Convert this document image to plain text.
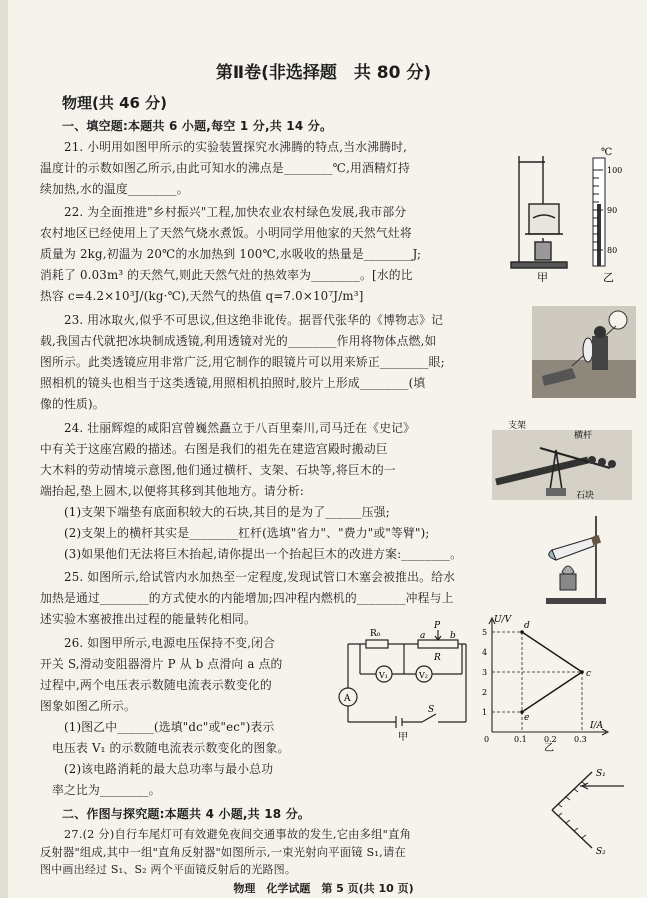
第Ⅱ卷(非选择题　共 80 分)
物理(共 46 分)
一、填空题:本题共 6 小题,每空 1 分,共 14 分。
21. 小明用如图甲所示的实验装置探究水沸腾的特点,当水沸腾时,
温度计的示数如图乙所示,由此可知水的沸点是________℃,用酒精灯持
续加热,水的温度________。
22. 为全面推进"乡村振兴"工程,加快农业农村绿色发展,我市部分
农村地区已经使用上了天然气烧水煮饭。小明同学用他家的天然气灶将
质量为 2kg,初温为 20℃的水加热到 100℃,水吸收的热量是________J;
消耗了 0.03m³ 的天然气,则此天然气灶的热效率为________。[水的比
热容 c=4.2×10³J/(kg·℃),天然气的热值 q=7.0×10⁷J/m³]
23. 用冰取火,似乎不可思议,但这绝非讹传。据晋代张华的《博物志》记
载,我国古代就把冰块制成透镜,利用透镜对光的________作用将物体点燃,如
图所示。此类透镜应用非常广泛,用它制作的眼镜片可以用来矫正________眼;
照相机的镜头也相当于这类透镜,用照相机拍照时,胶片上形成________(填
像的性质)。
24. 壮丽辉煌的咸阳宫曾巍然矗立于八百里秦川,司马迁在《史记》
中有关于这座宫殿的描述。右图是我们的祖先在建造宫殿时搬动巨
大木料的劳动情境示意图,他们通过横杆、支架、石块等,将巨木的一
端抬起,垫上圆木,以便将其移到其他地方。请分析:
(1)支架下端垫有底面积较大的石块,其目的是为了______压强;
(2)支架上的横杆其实是________杠杆(选填"省力"、"费力"或"等臂");
(3)如果他们无法将巨木抬起,请你提出一个抬起巨木的改进方案:________。
25. 如图所示,给试管内水加热至一定程度,发现试管口木塞会被推出。给水
加热是通过________的方式使水的内能增加;四冲程内燃机的________冲程与上
述实验木塞被推出过程的能量转化相同。
26. 如图甲所示,电源电压保持不变,闭合
开关 S,滑动变阻器滑片 P 从 b 点滑向 a 点的
过程中,两个电压表示数随电流表示数变化的
图象如图乙所示。
(1)图乙中______(选填"dc"或"ec")表示
电压表 V₁ 的示数随电流表示数变化的图象。
(2)该电路消耗的最大总功率与最小总功
率之比为________。
二、作图与探究题:本题共 4 小题,共 18 分。
27.(2 分)自行车尾灯可有效避免夜间交通事故的发生,它由多组"直角
反射器"组成,其中一组"直角反射器"如图所示,一束光射向平面镜 S₁,请在
物理　化学试题　第 5 页(共 10 页)
图中画出经过 S₁、S₂ 两个平面镜反射后的光路图。
甲
℃
100
90
80
乙
支架
横杆
石块
R₀	a	b
P
R
V₁	V₂
A
S
甲
U/V
I/A
0
1
2
3
4
5
0.1 0.2 0.3
d
c
e
乙
S₁
S₂
